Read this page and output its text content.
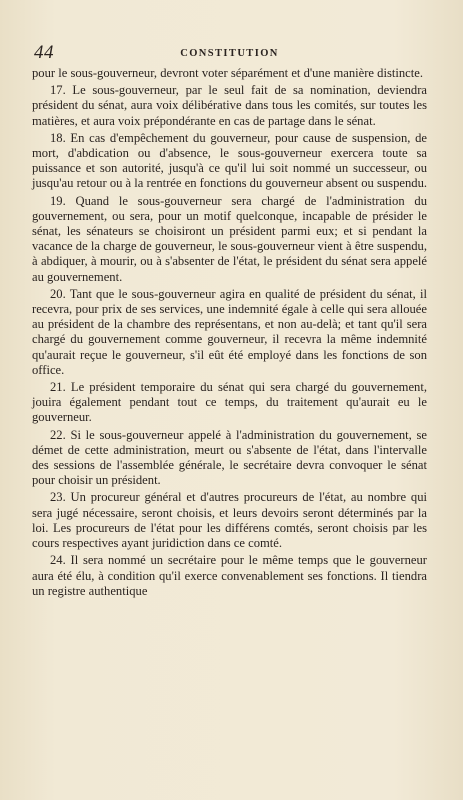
44	CONSTITUTION

pour le sous-gouverneur, devront voter séparément et d'une manière distincte.

17. Le sous-gouverneur, par le seul fait de sa nomination, deviendra président du sénat, aura voix délibérative dans tous les comités, sur toutes les matières, et aura voix prépondérante en cas de partage dans le sénat.

18. En cas d'empêchement du gouverneur, pour cause de suspension, de mort, d'abdication ou d'absence, le sous-gouverneur exercera toute sa puissance et son autorité, jusqu'à ce qu'il lui soit nommé un successeur, ou jusqu'au retour ou à la rentrée en fonctions du gouverneur absent ou suspendu.

19. Quand le sous-gouverneur sera chargé de l'administration du gouvernement, ou sera, pour un motif quelconque, incapable de présider le sénat, les sénateurs se choisiront un président parmi eux; et si pendant la vacance de la charge de gouverneur, le sous-gouverneur vient à être suspendu, à abdiquer, à mourir, ou à s'absenter de l'état, le président du sénat sera appelé au gouvernement.

20. Tant que le sous-gouverneur agira en qualité de président du sénat, il recevra, pour prix de ses services, une indemnité égale à celle qui sera allouée au président de la chambre des représentans, et non au-delà; et tant qu'il sera chargé du gouvernement comme gouverneur, il recevra la même indemnité qu'aurait reçue le gouverneur, s'il eût été employé dans les fonctions de son office.

21. Le président temporaire du sénat qui sera chargé du gouvernement, jouira également pendant tout ce temps, du traitement qu'aurait eu le gouverneur.

22. Si le sous-gouverneur appelé à l'administration du gouvernement, se démet de cette administration, meurt ou s'absente de l'état, dans l'intervalle des sessions de l'assemblée générale, le secrétaire devra convoquer le sénat pour choisir un président.

23. Un procureur général et d'autres procureurs de l'état, au nombre qui sera jugé nécessaire, seront choisis, et leurs devoirs seront déterminés par la loi. Les procureurs de l'état pour les différens comtés, seront choisis par les cours respectives ayant juridiction dans ce comté.

24. Il sera nommé un secrétaire pour le même temps que le gouverneur aura été élu, à condition qu'il exerce convenablement ses fonctions. Il tiendra un registre authentique
